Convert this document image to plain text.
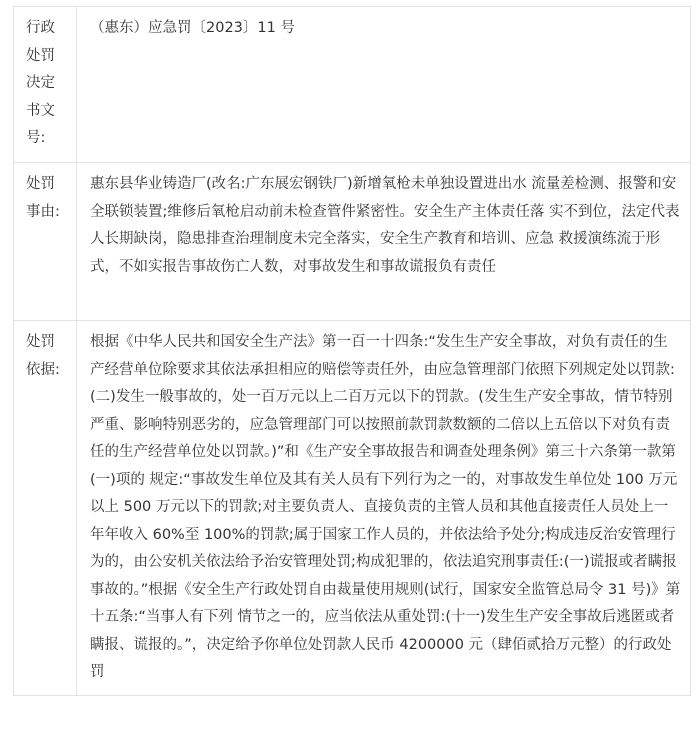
行政处罚决定书文号:	（惠东）应急罚〔2023〕11 号
处罚事由:	惠东县华业铸造厂(改名:广东展宏钢铁厂)新增氧枪未单独设置进出水 流量差检测、报警和安全联锁装置;维修后氧枪启动前未检查管件紧密性。安全生产主体责任落 实不到位，法定代表人长期缺岗，隐患排查治理制度未完全落实，安全生产教育和培训、应急 救援演练流于形式，不如实报告事故伤亡人数，对事故发生和事故谎报负有责任
处罚依据:	根据《中华人民共和国安全生产法》第一百一十四条:“发生生产安全事故，对负有责任的生产经营单位除要求其依法承担相应的赔偿等责任外，由应急管理部门依照下列规定处以罚款:(二)发生一般事故的，处一百万元以上二百万元以下的罚款。(发生生产安全事故，情节特别严重、影响特别恶劣的，应急管理部门可以按照前款罚款数额的二倍以上五倍以下对负有责任的生产经营单位处以罚款。)”和《生产安全事故报告和调查处理条例》第三十六条第一款第(一)项的 规定:“事故发生单位及其有关人员有下列行为之一的，对事故发生单位处 100 万元以上 500 万元以下的罚款;对主要负责人、直接负责的主管人员和其他直接责任人员处上一年年收入 60%至 100%的罚款;属于国家工作人员的，并依法给予处分;构成违反治安管理行为的，由公安机关依法给予治安管理处罚;构成犯罪的，依法追究刑事责任:(一)谎报或者瞒报事故的。”根据《安全生产行政处罚自由裁量使用规则(试行，国家安全监管总局令 31 号)》第十五条:“当事人有下列 情节之一的，应当依法从重处罚:(十一)发生生产安全事故后逃匿或者瞒报、谎报的。”，决定给予你单位处罚款人民币 4200000 元（肆佰贰拾万元整）的行政处罚
